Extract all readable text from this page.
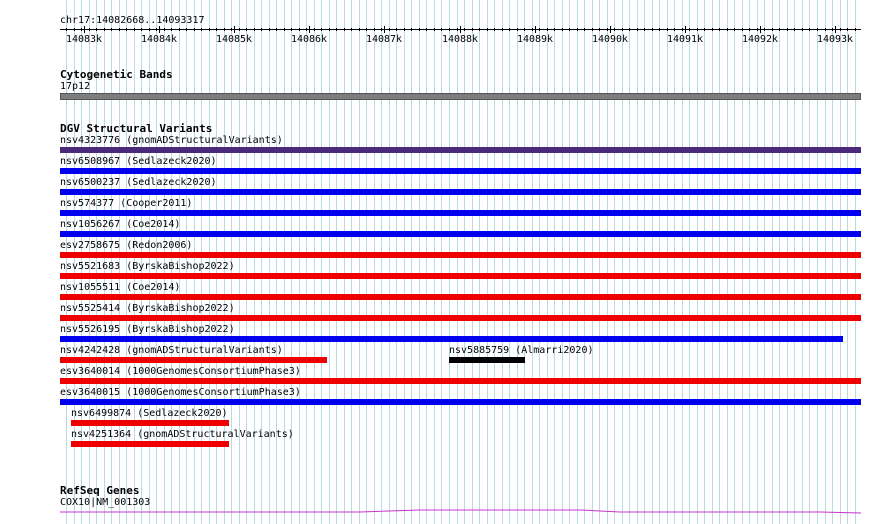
chr17:14082668..14093317
14083k	14084k	14085k	14086k	14087k	14088k	14089k	14090k	14091k	14092k	14093k
Cytogenetic Bands
17p12
DGV Structural Variants
nsv4323776 (gnomADStructuralVariants)
nsv6508967 (Sedlazeck2020)
nsv6500237 (Sedlazeck2020)
nsv574377 (Cooper2011)
nsv1056267 (Coe2014)
esv2758675 (Redon2006)
nsv5521683 (ByrskaBishop2022)
nsv1055511 (Coe2014)
nsv5525414 (ByrskaBishop2022)
nsv5526195 (ByrskaBishop2022)
nsv4242428 (gnomADStructuralVariants)	nsv5885759 (Almarri2020)
esv3640014 (1000GenomesConsortiumPhase3)
esv3640015 (1000GenomesConsortiumPhase3)
nsv6499874 (Sedlazeck2020)
nsv4251364 (gnomADStructuralVariants)
RefSeq Genes
COX10|NM_001303
